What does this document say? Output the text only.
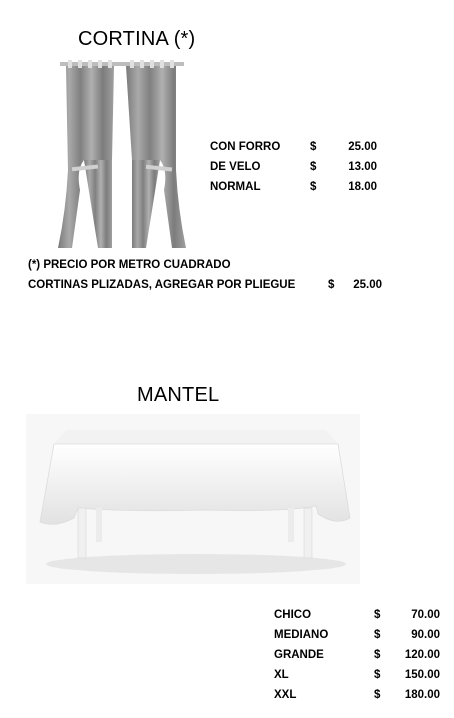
CORTINA (*)
CON FORRO	$	25.00
DE VELO	$	13.00
NORMAL	$	18.00
(*) PRECIO POR METRO CUADRADO
CORTINAS PLIZADAS, AGREGAR POR PLIEGUE	$	25.00
MANTEL
CHICO	$	70.00
MEDIANO	$	90.00
GRANDE	$	120.00
XL	$	150.00
XXL	$	180.00
